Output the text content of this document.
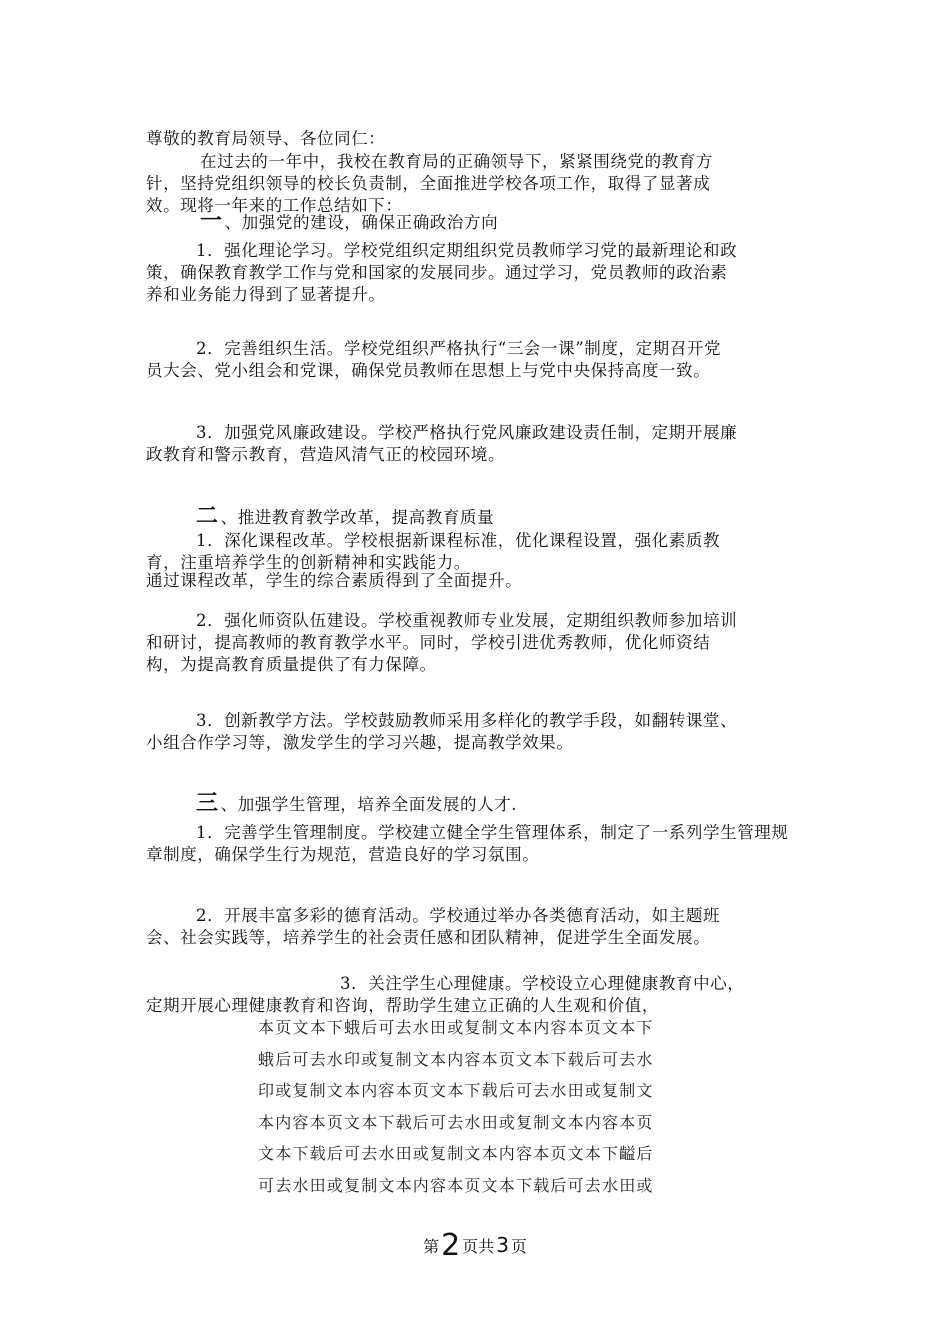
尊敬的教育局领导、各位同仁：
在过去的一年中，我校在教育局的正确领导下，紧紧围绕党的教育方
针，坚持党组织领导的校长负责制，全面推进学校各项工作，取得了显著成
效。现将一年来的工作总结如下：
一 、加强党的建设，确保正确政治方向
1．强化理论学习。学校党组织定期组织党员教师学习党的最新理论和政
策，确保教育教学工作与党和国家的发展同步。通过学习，党员教师的政治素
养和业务能力得到了显著提升。
2．完善组织生活。学校党组织严格执行“三会一课”制度，定期召开党
员大会、党小组会和党课，确保党员教师在思想上与党中央保持高度一致。
3．加强党风廉政建设。学校严格执行党风廉政建设责任制，定期开展廉
政教育和警示教育，营造风清气正的校园环境。
二 、推进教育教学改革，提高教育质量
1．深化课程改革。学校根据新课程标准，优化课程设置，强化素质教
育，注重培养学生的创新精神和实践能力。
通过课程改革，学生的综合素质得到了全面提升。
2．强化师资队伍建设。学校重视教师专业发展，定期组织教师参加培训
和研讨，提高教师的教育教学水平。同时，学校引进优秀教师，优化师资结
构，为提高教育质量提供了有力保障。
3．创新教学方法。学校鼓励教师采用多样化的教学手段，如翻转课堂、
小组合作学习等，激发学生的学习兴趣，提高教学效果。
三 、加强学生管理，培养全面发展的人才.
1．完善学生管理制度。学校建立健全学生管理体系，制定了一系列学生管理规
章制度，确保学生行为规范，营造良好的学习氛围。
2．开展丰富多彩的德育活动。学校通过举办各类德育活动，如主题班
会、社会实践等，培养学生的社会责任感和团队精神，促进学生全面发展。
3．关注学生心理健康。学校设立心理健康教育中心，
定期开展心理健康教育和咨询，帮助学生建立正确的人生观和价值，
本页文本下蛾后可去水田或复制文本内容本页文本下
蛾后可去水印或复制文本内容本页文本下载后可去水
印或复制文本内容本页文本下载后可去水田或复制文
本内容本页文本下载后可去水田或复制文本内容本页
文本下载后可去水田或复制文本内容本页文本下齸后
可去水田或复制文本内容本页文本下载后可去水田或
第2 页共 3 页
